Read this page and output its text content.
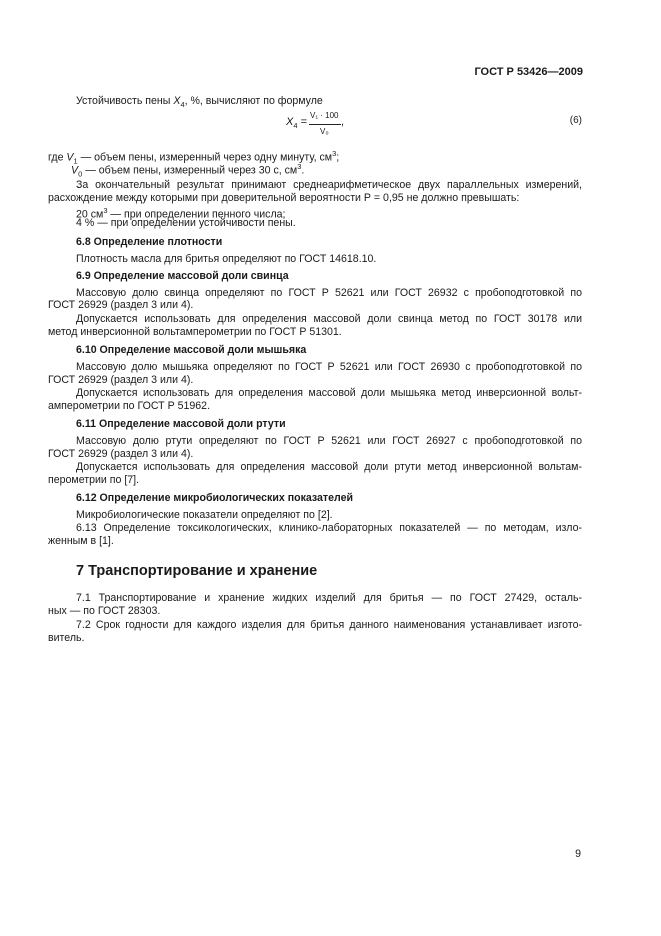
ГОСТ Р 53426—2009
Устойчивость пены $X_4$, %, вычисляют по формуле
$X_4$ =
V₁ · 100
V₀
,	(6)
где $V_1$ — объем пены, измеренный через одну минуту, $см^3$;
$V_0$ — объем пены, измеренный через 30 с, $см^3$.
За окончательный результат принимают среднеарифметическое двух параллельных измерений,
расхождение между которыми при доверительной вероятности Р = 0,95 не должно превышать:
20 $см^3$ — при определении пенного числа;
4 % — при определении устойчивости пены.
6.8 Определение плотности
Плотность масла для бритья определяют по ГОСТ 14618.10.
6.9 Определение массовой доли свинца
Массовую долю свинца определяют по ГОСТ Р 52621 или ГОСТ 26932 с пробоподготовкой по
ГОСТ 26929 (раздел 3 или 4).
Допускается использовать для определения массовой доли свинца метод по ГОСТ 30178 или
метод инверсионной вольтамперометрии по ГОСТ Р 51301.
6.10 Определение массовой доли мышьяка
Массовую долю мышьяка определяют по ГОСТ Р 52621 или ГОСТ 26930 с пробоподготовкой по
ГОСТ 26929 (раздел 3 или 4).
Допускается использовать для определения массовой доли мышьяка метод инверсионной вольт-
амперометрии по ГОСТ Р 51962.
6.11 Определение массовой доли ртути
Массовую долю ртути определяют по ГОСТ Р 52621 или ГОСТ 26927 с пробоподготовкой по
ГОСТ 26929 (раздел 3 или 4).
Допускается использовать для определения массовой доли ртути метод инверсионной вольтам-
перометрии по [7].
6.12 Определение микробиологических показателей
Микробиологические показатели определяют по [2].
6.13 Определение токсикологических, клинико-лабораторных показателей — по методам, изло-
женным в [1].
7 Транспортирование и хранение
7.1 Транспортирование и хранение жидких изделий для бритья — по ГОСТ 27429, осталь-
ных — по ГОСТ 28303.
7.2 Срок годности для каждого изделия для бритья данного наименования устанавливает изгото-
витель.
9
